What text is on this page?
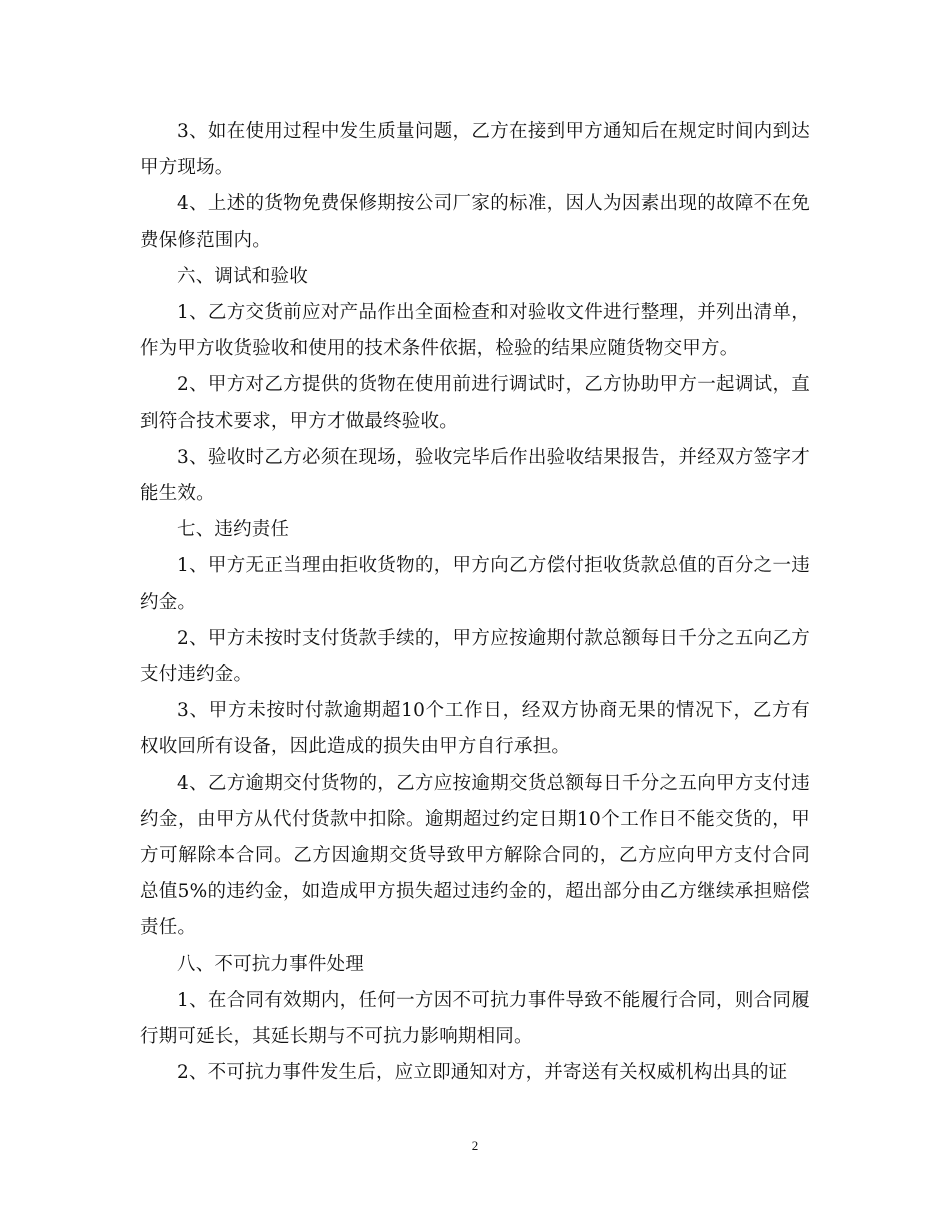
3、如在使用过程中发生质量问题，乙方在接到甲方通知后在规定时间内到达甲方现场。

4、上述的货物免费保修期按公司厂家的标准，因人为因素出现的故障不在免费保修范围内。

六、调试和验收

1、乙方交货前应对产品作出全面检查和对验收文件进行整理，并列出清单，作为甲方收货验收和使用的技术条件依据，检验的结果应随货物交甲方。

2、甲方对乙方提供的货物在使用前进行调试时，乙方协助甲方一起调试，直到符合技术要求，甲方才做最终验收。

3、验收时乙方必须在现场，验收完毕后作出验收结果报告，并经双方签字才能生效。

七、违约责任

1、甲方无正当理由拒收货物的，甲方向乙方偿付拒收货款总值的百分之一违约金。

2、甲方未按时支付货款手续的，甲方应按逾期付款总额每日千分之五向乙方支付违约金。

3、甲方未按时付款逾期超10个工作日，经双方协商无果的情况下，乙方有权收回所有设备，因此造成的损失由甲方自行承担。

4、乙方逾期交付货物的，乙方应按逾期交货总额每日千分之五向甲方支付违约金，由甲方从代付货款中扣除。逾期超过约定日期10个工作日不能交货的，甲方可解除本合同。乙方因逾期交货导致甲方解除合同的，乙方应向甲方支付合同总值5%的违约金，如造成甲方损失超过违约金的，超出部分由乙方继续承担赔偿责任。

八、不可抗力事件处理

1、在合同有效期内，任何一方因不可抗力事件导致不能履行合同，则合同履行期可延长，其延长期与不可抗力影响期相同。

2、不可抗力事件发生后，应立即通知对方，并寄送有关权威机构出具的证

2
